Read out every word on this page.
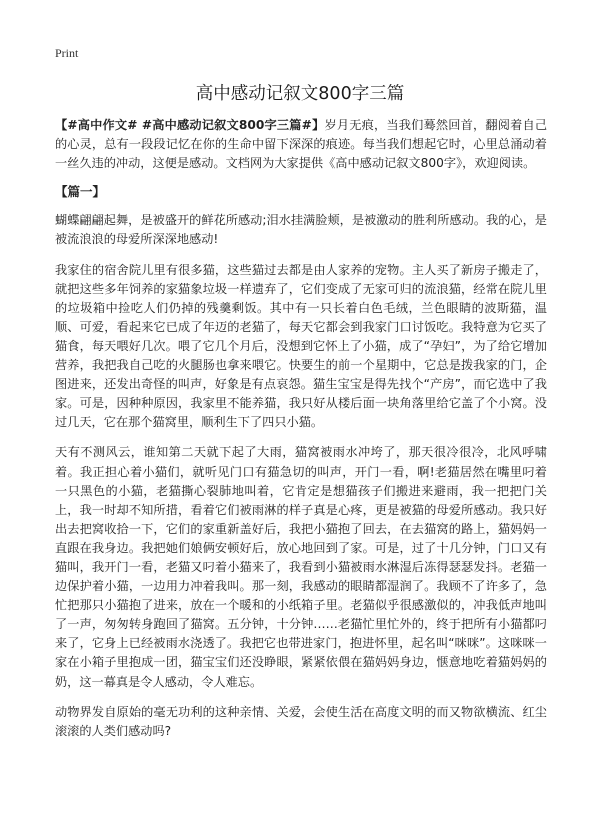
Print
高中感动记叙文800字三篇

【#高中作文# #高中感动记叙文800字三篇#】岁月无痕，当我们蓦然回首，翻阅着自己的心灵，总有一段段记忆在你的生命中留下深深的痕迹。每当我们想起它时，心里总涌动着一丝久违的冲动，这便是感动。文档网为大家提供《高中感动记叙文800字》，欢迎阅读。

【篇一】

蝴蝶翩翩起舞，是被盛开的鲜花所感动;泪水挂满脸颊，是被激动的胜利所感动。我的心，是被流浪浪的母爱所深深地感动!

我家住的宿舍院儿里有很多猫，这些猫过去都是由人家养的宠物。主人买了新房子搬走了，就把这些多年饲养的家猫象垃圾一样遗弃了，它们变成了无家可归的流浪猫，经常在院儿里的垃圾箱中捡吃人们仍掉的残羹剩饭。其中有一只长着白色毛绒，兰色眼睛的波斯猫，温顺、可爱，看起来它已成了年迈的老猫了，每天它都会到我家门口讨饭吃。我特意为它买了猫食，每天喂好几次。喂了它几个月后，没想到它怀上了小猫，成了“孕妇”，为了给它增加营养，我把我自己吃的火腿肠也拿来喂它。快要生的前一个星期中，它总是拨我家的门，企图进来，还发出奇怪的叫声，好象是有点哀怨。猫生宝宝是得先找个“产房”，而它选中了我家。可是，因种种原因，我家里不能养猫，我只好从楼后面一块角落里给它盖了个小窝。没过几天，它在那个猫窝里，顺利生下了四只小猫。

天有不测风云，谁知第二天就下起了大雨，猫窝被雨水冲垮了，那天很冷很冷，北风呼啸着。我正担心着小猫们，就听见门口有猫急切的叫声，开门一看，啊!老猫居然在嘴里叼着一只黑色的小猫，老猫撕心裂肺地叫着，它肯定是想猫孩子们搬进来避雨，我一把把门关上，我一时却不知所措，看着它们被雨淋的样子真是心疼，更是被猫的母爱所感动。我只好出去把窝收拾一下，它们的家重新盖好后，我把小猫抱了回去，在去猫窝的路上，猫妈妈一直跟在我身边。我把她们娘俩安顿好后，放心地回到了家。可是，过了十几分钟，门口又有猫叫，我开门一看，老猫又叼着小猫来了，我看到小猫被雨水淋湿后冻得瑟瑟发抖。老猫一边保护着小猫，一边用力冲着我叫。那一刻，我感动的眼睛都湿润了。我顾不了许多了，急忙把那只小猫抱了进来，放在一个暖和的小纸箱子里。老猫似乎很感激似的，冲我低声地叫了一声，匆匆转身跑回了猫窝。五分钟，十分钟……老猫忙里忙外的，终于把所有小猫都叼来了，它身上已经被雨水浇透了。我把它也带进家门，抱进怀里，起名叫“咪咪”。这咪咪一家在小箱子里抱成一团，猫宝宝们还没睁眼，紧紧依偎在猫妈妈身边，惬意地吃着猫妈妈的奶，这一幕真是令人感动，令人难忘。

动物界发自原始的毫无功利的这种亲情、关爱，会使生活在高度文明的而又物欲横流、红尘滚滚的人类们感动吗?
